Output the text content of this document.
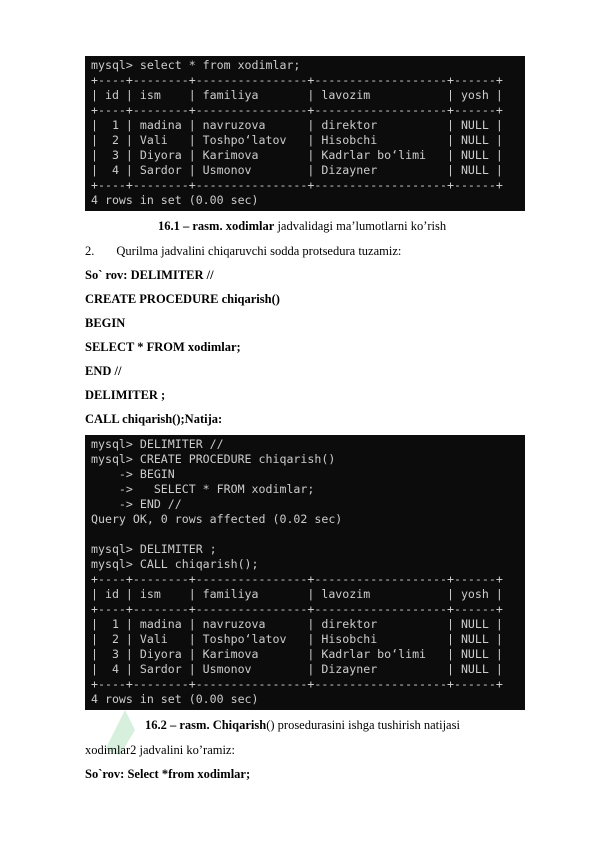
mysql> select * from xodimlar;
+----+--------+----------------+-------------------+------+
| id | ism    | familiya       | lavozim           | yosh |
+----+--------+----------------+-------------------+------+
|  1 | madina | navruzova      | direktor          | NULL |
|  2 | Vali   | Toshpo‘latov   | Hisobchi          | NULL |
|  3 | Diyora | Karimova       | Kadrlar bo‘limi   | NULL |
|  4 | Sardor | Usmonov        | Dizayner          | NULL |
+----+--------+----------------+-------------------+------+
4 rows in set (0.00 sec)
16.1 – rasm. xodimlar jadvalidagi ma’lumotlarni ko’rish
2. Qurilma jadvalini chiqaruvchi sodda protsedura tuzamiz:
So` rov: DELIMITER //
CREATE PROCEDURE chiqarish()
BEGIN
SELECT * FROM xodimlar;
END //
DELIMITER ;
CALL chiqarish();Natija:
mysql> DELIMITER //
mysql> CREATE PROCEDURE chiqarish()
-> BEGIN
->   SELECT * FROM xodimlar;
-> END //
Query OK, 0 rows affected (0.02 sec)
mysql> DELIMITER ;
mysql> CALL chiqarish();
+----+--------+----------------+-------------------+------+
| id | ism    | familiya       | lavozim           | yosh |
+----+--------+----------------+-------------------+------+
|  1 | madina | navruzova      | direktor          | NULL |
|  2 | Vali   | Toshpo‘latov   | Hisobchi          | NULL |
|  3 | Diyora | Karimova       | Kadrlar bo‘limi   | NULL |
|  4 | Sardor | Usmonov        | Dizayner          | NULL |
+----+--------+----------------+-------------------+------+
4 rows in set (0.00 sec)
16.2 – rasm. Chiqarish() prosedurasini ishga tushirish natijasi
xodimlar2 jadvalini ko’ramiz:
So`rov: Select *from xodimlar;
